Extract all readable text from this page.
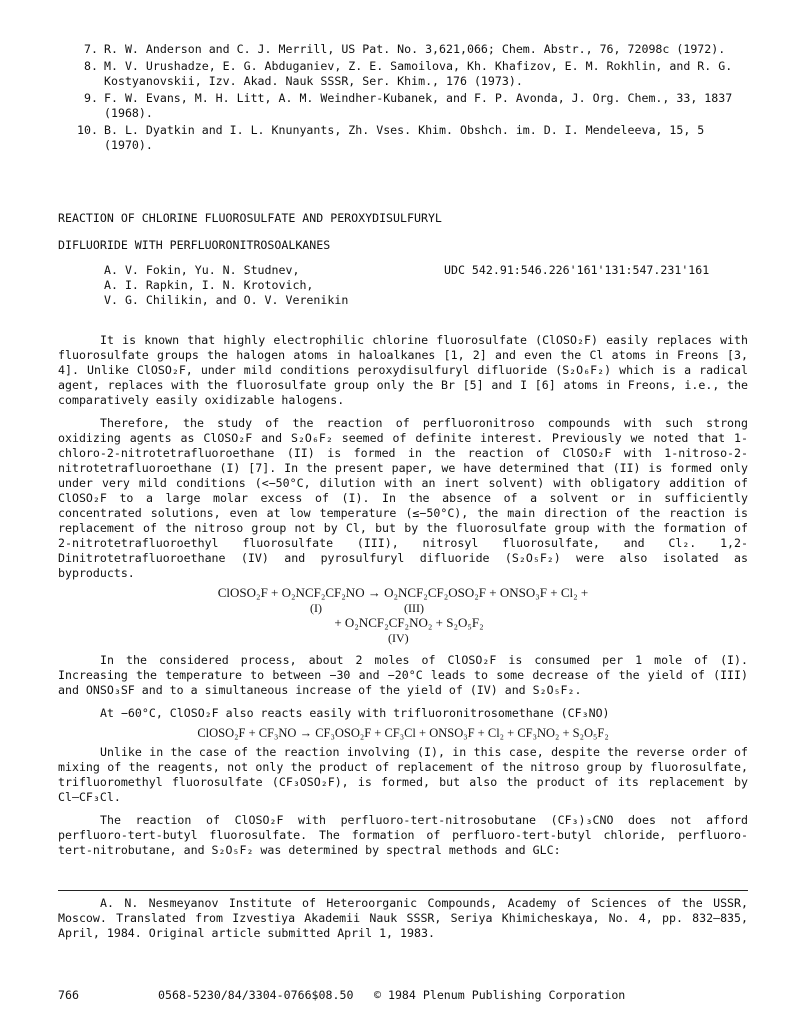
7. R. W. Anderson and C. J. Merrill, US Pat. No. 3,621,066; Chem. Abstr., 76, 72098c (1972).
8. M. V. Urushadze, E. G. Abduganiev, Z. E. Samoilova, Kh. Khafizov, E. M. Rokhlin, and R. G. Kostyanovskii, Izv. Akad. Nauk SSSR, Ser. Khim., 176 (1973).
9. F. W. Evans, M. H. Litt, A. M. Weindher-Kubanek, and F. P. Avonda, J. Org. Chem., 33, 1837 (1968).
10. B. L. Dyatkin and I. L. Knunyants, Zh. Vses. Khim. Obshch. im. D. I. Mendeleeva, 15, 5 (1970).
REACTION OF CHLORINE FLUOROSULFATE AND PEROXYDISULFURYL
DIFLUORIDE WITH PERFLUORONITROSOALKANES
A. V. Fokin, Yu. N. Studnev,
A. I. Rapkin, I. N. Krotovich,
V. G. Chilikin, and O. V. Verenikin
UDC 542.91:546.226'161'131:547.231'161

It is known that highly electrophilic chlorine fluorosulfate (ClOSO₂F) easily replaces with fluorosulfate groups the halogen atoms in haloalkanes [1, 2] and even the Cl atoms in Freons [3, 4]. Unlike ClOSO₂F, under mild conditions peroxydisulfuryl difluoride (S₂O₆F₂) which is a radical agent, replaces with the fluorosulfate group only the Br [5] and I [6] atoms in Freons, i.e., the comparatively easily oxidizable halogens.

Therefore, the study of the reaction of perfluoronitroso compounds with such strong oxidizing agents as ClOSO₂F and S₂O₆F₂ seemed of definite interest. Previously we noted that 1-chloro-2-nitrotetrafluoroethane (II) is formed in the reaction of ClOSO₂F with 1-nitroso-2-nitrotetrafluoroethane (I) [7]. In the present paper, we have determined that (II) is formed only under very mild conditions (<−50°C, dilution with an inert solvent) with obligatory addition of ClOSO₂F to a large molar excess of (I). In the absence of a solvent or in sufficiently concentrated solutions, even at low temperature (≤−50°C), the main direction of the reaction is replacement of the nitroso group not by Cl, but by the fluorosulfate group with the formation of 2-nitrotetrafluoroethyl fluorosulfate (III), nitrosyl fluorosulfate, and Cl₂. 1,2-Dinitrotetrafluoroethane (IV) and pyrosulfuryl difluoride (S₂O₅F₂) were also isolated as byproducts.

ClOSO₂F + O₂NCF₂CF₂NO → O₂NCF₂CF₂OSO₂F + ONSO₃F + Cl₂ +
(I)	(III)
+ O₂NCF₂CF₂NO₂ + S₂O₅F₂
(IV)

In the considered process, about 2 moles of ClOSO₂F is consumed per 1 mole of (I). Increasing the temperature to between −30 and −20°C leads to some decrease of the yield of (III) and ONSO₃SF and to a simultaneous increase of the yield of (IV) and S₂O₅F₂.

At −60°C, ClOSO₂F also reacts easily with trifluoronitrosomethane (CF₃NO)

ClOSO₂F + CF₃NO → CF₃OSO₂F + CF₃Cl + ONSO₃F + Cl₂ + CF₃NO₂ + S₂O₅F₂

Unlike in the case of the reaction involving (I), in this case, despite the reverse order of mixing of the reagents, not only the product of replacement of the nitroso group by fluorosulfate, trifluoromethyl fluorosulfate (CF₃OSO₂F), is formed, but also the product of its replacement by Cl–CF₃Cl.

The reaction of ClOSO₂F with perfluoro-tert-nitrosobutane (CF₃)₃CNO does not afford perfluoro-tert-butyl fluorosulfate. The formation of perfluoro-tert-butyl chloride, perfluoro-tert-nitrobutane, and S₂O₅F₂ was determined by spectral methods and GLC:

A. N. Nesmeyanov Institute of Heteroorganic Compounds, Academy of Sciences of the USSR, Moscow. Translated from Izvestiya Akademii Nauk SSSR, Seriya Khimicheskaya, No. 4, pp. 832–835, April, 1984. Original article submitted April 1, 1983.

766	0568-5230/84/3304-0766$08.50 © 1984 Plenum Publishing Corporation
